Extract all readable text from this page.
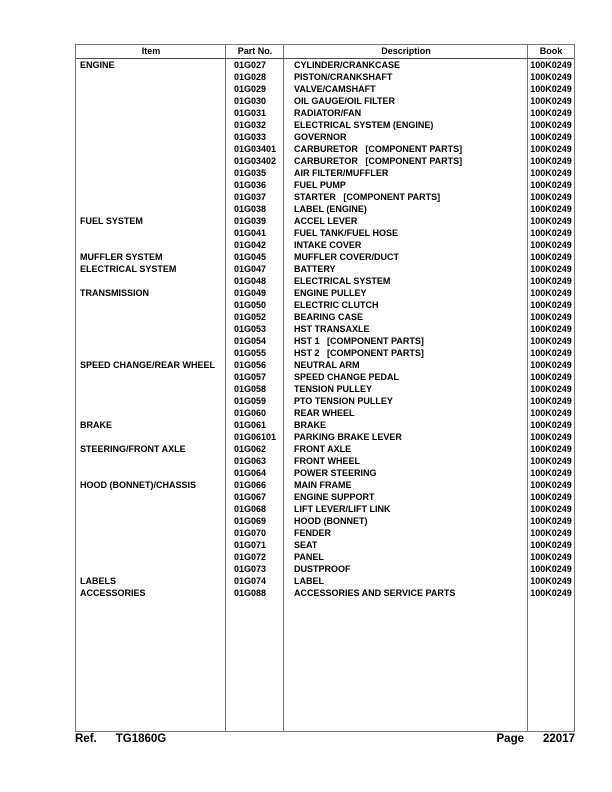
Item	Part No.	Description	Book
ENGINE	01G027	CYLINDER/CRANKCASE	100K0249
01G028	PISTON/CRANKSHAFT	100K0249
01G029	VALVE/CAMSHAFT	100K0249
01G030	OIL GAUGE/OIL FILTER	100K0249
01G031	RADIATOR/FAN	100K0249
01G032	ELECTRICAL SYSTEM (ENGINE)	100K0249
01G033	GOVERNOR	100K0249
01G03401	CARBURETOR   [COMPONENT PARTS]	100K0249
01G03402	CARBURETOR   [COMPONENT PARTS]	100K0249
01G035	AIR FILTER/MUFFLER	100K0249
01G036	FUEL PUMP	100K0249
01G037	STARTER   [COMPONENT PARTS]	100K0249
01G038	LABEL (ENGINE)	100K0249
FUEL SYSTEM	01G039	ACCEL LEVER	100K0249
01G041	FUEL TANK/FUEL HOSE	100K0249
01G042	INTAKE COVER	100K0249
MUFFLER SYSTEM	01G045	MUFFLER COVER/DUCT	100K0249
ELECTRICAL SYSTEM	01G047	BATTERY	100K0249
01G048	ELECTRICAL SYSTEM	100K0249
TRANSMISSION	01G049	ENGINE PULLEY	100K0249
01G050	ELECTRIC CLUTCH	100K0249
01G052	BEARING CASE	100K0249
01G053	HST TRANSAXLE	100K0249
01G054	HST 1   [COMPONENT PARTS]	100K0249
01G055	HST 2   [COMPONENT PARTS]	100K0249
SPEED CHANGE/REAR WHEEL	01G056	NEUTRAL ARM	100K0249
01G057	SPEED CHANGE PEDAL	100K0249
01G058	TENSION PULLEY	100K0249
01G059	PTO TENSION PULLEY	100K0249
01G060	REAR WHEEL	100K0249
BRAKE	01G061	BRAKE	100K0249
01G06101	PARKING BRAKE LEVER	100K0249
STEERING/FRONT AXLE	01G062	FRONT AXLE	100K0249
01G063	FRONT WHEEL	100K0249
01G064	POWER STEERING	100K0249
HOOD (BONNET)/CHASSIS	01G066	MAIN FRAME	100K0249
01G067	ENGINE SUPPORT	100K0249
01G068	LIFT LEVER/LIFT LINK	100K0249
01G069	HOOD (BONNET)	100K0249
01G070	FENDER	100K0249
01G071	SEAT	100K0249
01G072	PANEL	100K0249
01G073	DUSTPROOF	100K0249
LABELS	01G074	LABEL	100K0249
ACCESSORIES	01G088	ACCESSORIES AND SERVICE PARTS	100K0249
Ref. TG1860G	Page 22017
